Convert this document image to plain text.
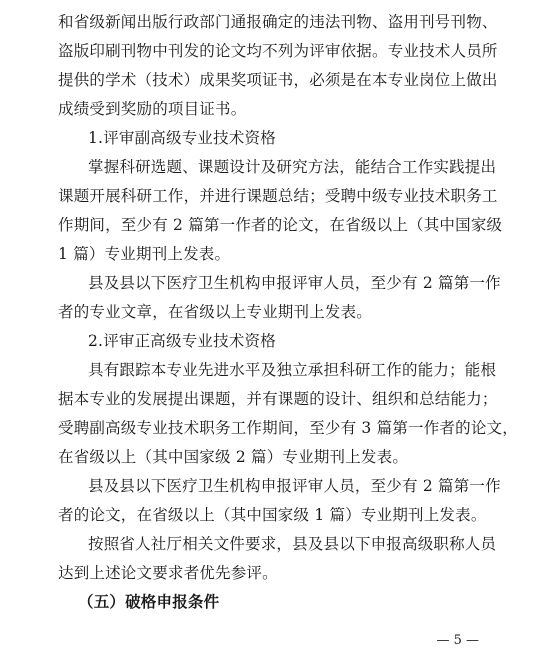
和省级新闻出版行政部门通报确定的违法刊物、盗用刊号刊物、
盗版印刷刊物中刊发的论文均不列为评审依据。专业技术人员所
提供的学术（技术）成果奖项证书，必须是在本专业岗位上做出
成绩受到奖励的项目证书。
1.评审副高级专业技术资格
掌握科研选题、课题设计及研究方法，能结合工作实践提出
课题开展科研工作，并进行课题总结；受聘中级专业技术职务工
作期间，至少有 2 篇第一作者的论文，在省级以上（其中国家级
1 篇）专业期刊上发表。
县及县以下医疗卫生机构申报评审人员，至少有 2 篇第一作
者的专业文章，在省级以上专业期刊上发表。
2.评审正高级专业技术资格
具有跟踪本专业先进水平及独立承担科研工作的能力；能根
据本专业的发展提出课题，并有课题的设计、组织和总结能力；
受聘副高级专业技术职务工作期间，至少有 3 篇第一作者的论文，
在省级以上（其中国家级 2 篇）专业期刊上发表。
县及县以下医疗卫生机构申报评审人员，至少有 2 篇第一作
者的论文，在省级以上（其中国家级 1 篇）专业期刊上发表。
按照省人社厅相关文件要求，县及县以下申报高级职称人员
达到上述论文要求者优先参评。
（五）破格申报条件
— 5 —
